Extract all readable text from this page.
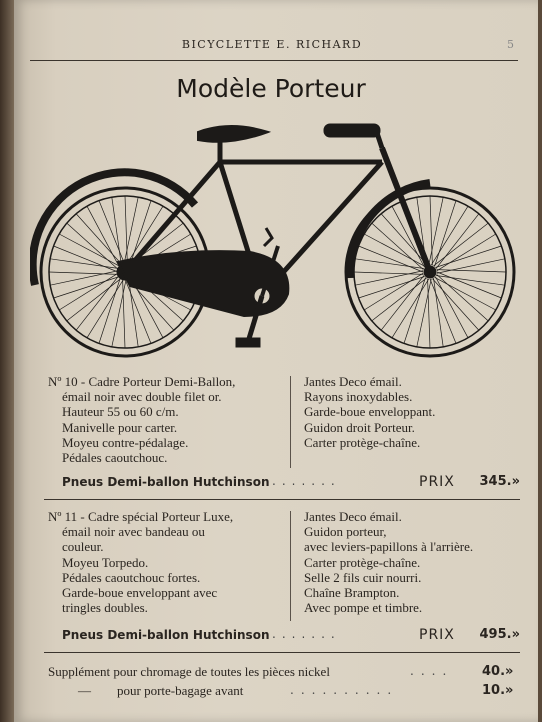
BICYCLETTE E. RICHARD	5
Modèle Porteur
Nº 10 - Cadre Porteur Demi-Ballon,
émail noir avec double filet or.
Hauteur 55 ou 60 c/m.
Manivelle pour carter.
Moyeu contre-pédalage.
Pédales caoutchouc.
Jantes Deco émail.
Rayons inoxydables.
Garde-boue enveloppant.
Guidon droit Porteur.
Carter protège-chaîne.
Pneus Demi-ballon Hutchinson .......	PRIX 345.»
Nº 11 - Cadre spécial Porteur Luxe,
émail noir avec bandeau ou
couleur.
Moyeu Torpedo.
Pédales caoutchouc fortes.
Garde-boue enveloppant avec
tringles doubles.
Jantes Deco émail.
Guidon porteur,
avec leviers-papillons à l'arrière.
Carter protège-chaîne.
Selle 2 fils cuir nourri.
Chaîne Brampton.
Avec pompe et timbre.
Pneus Demi-ballon Hutchinson .......	PRIX 495.»
Supplément pour chromage de toutes les pièces nickel	.... 40.»
—        pour porte-bagage avant	..........	10.»
